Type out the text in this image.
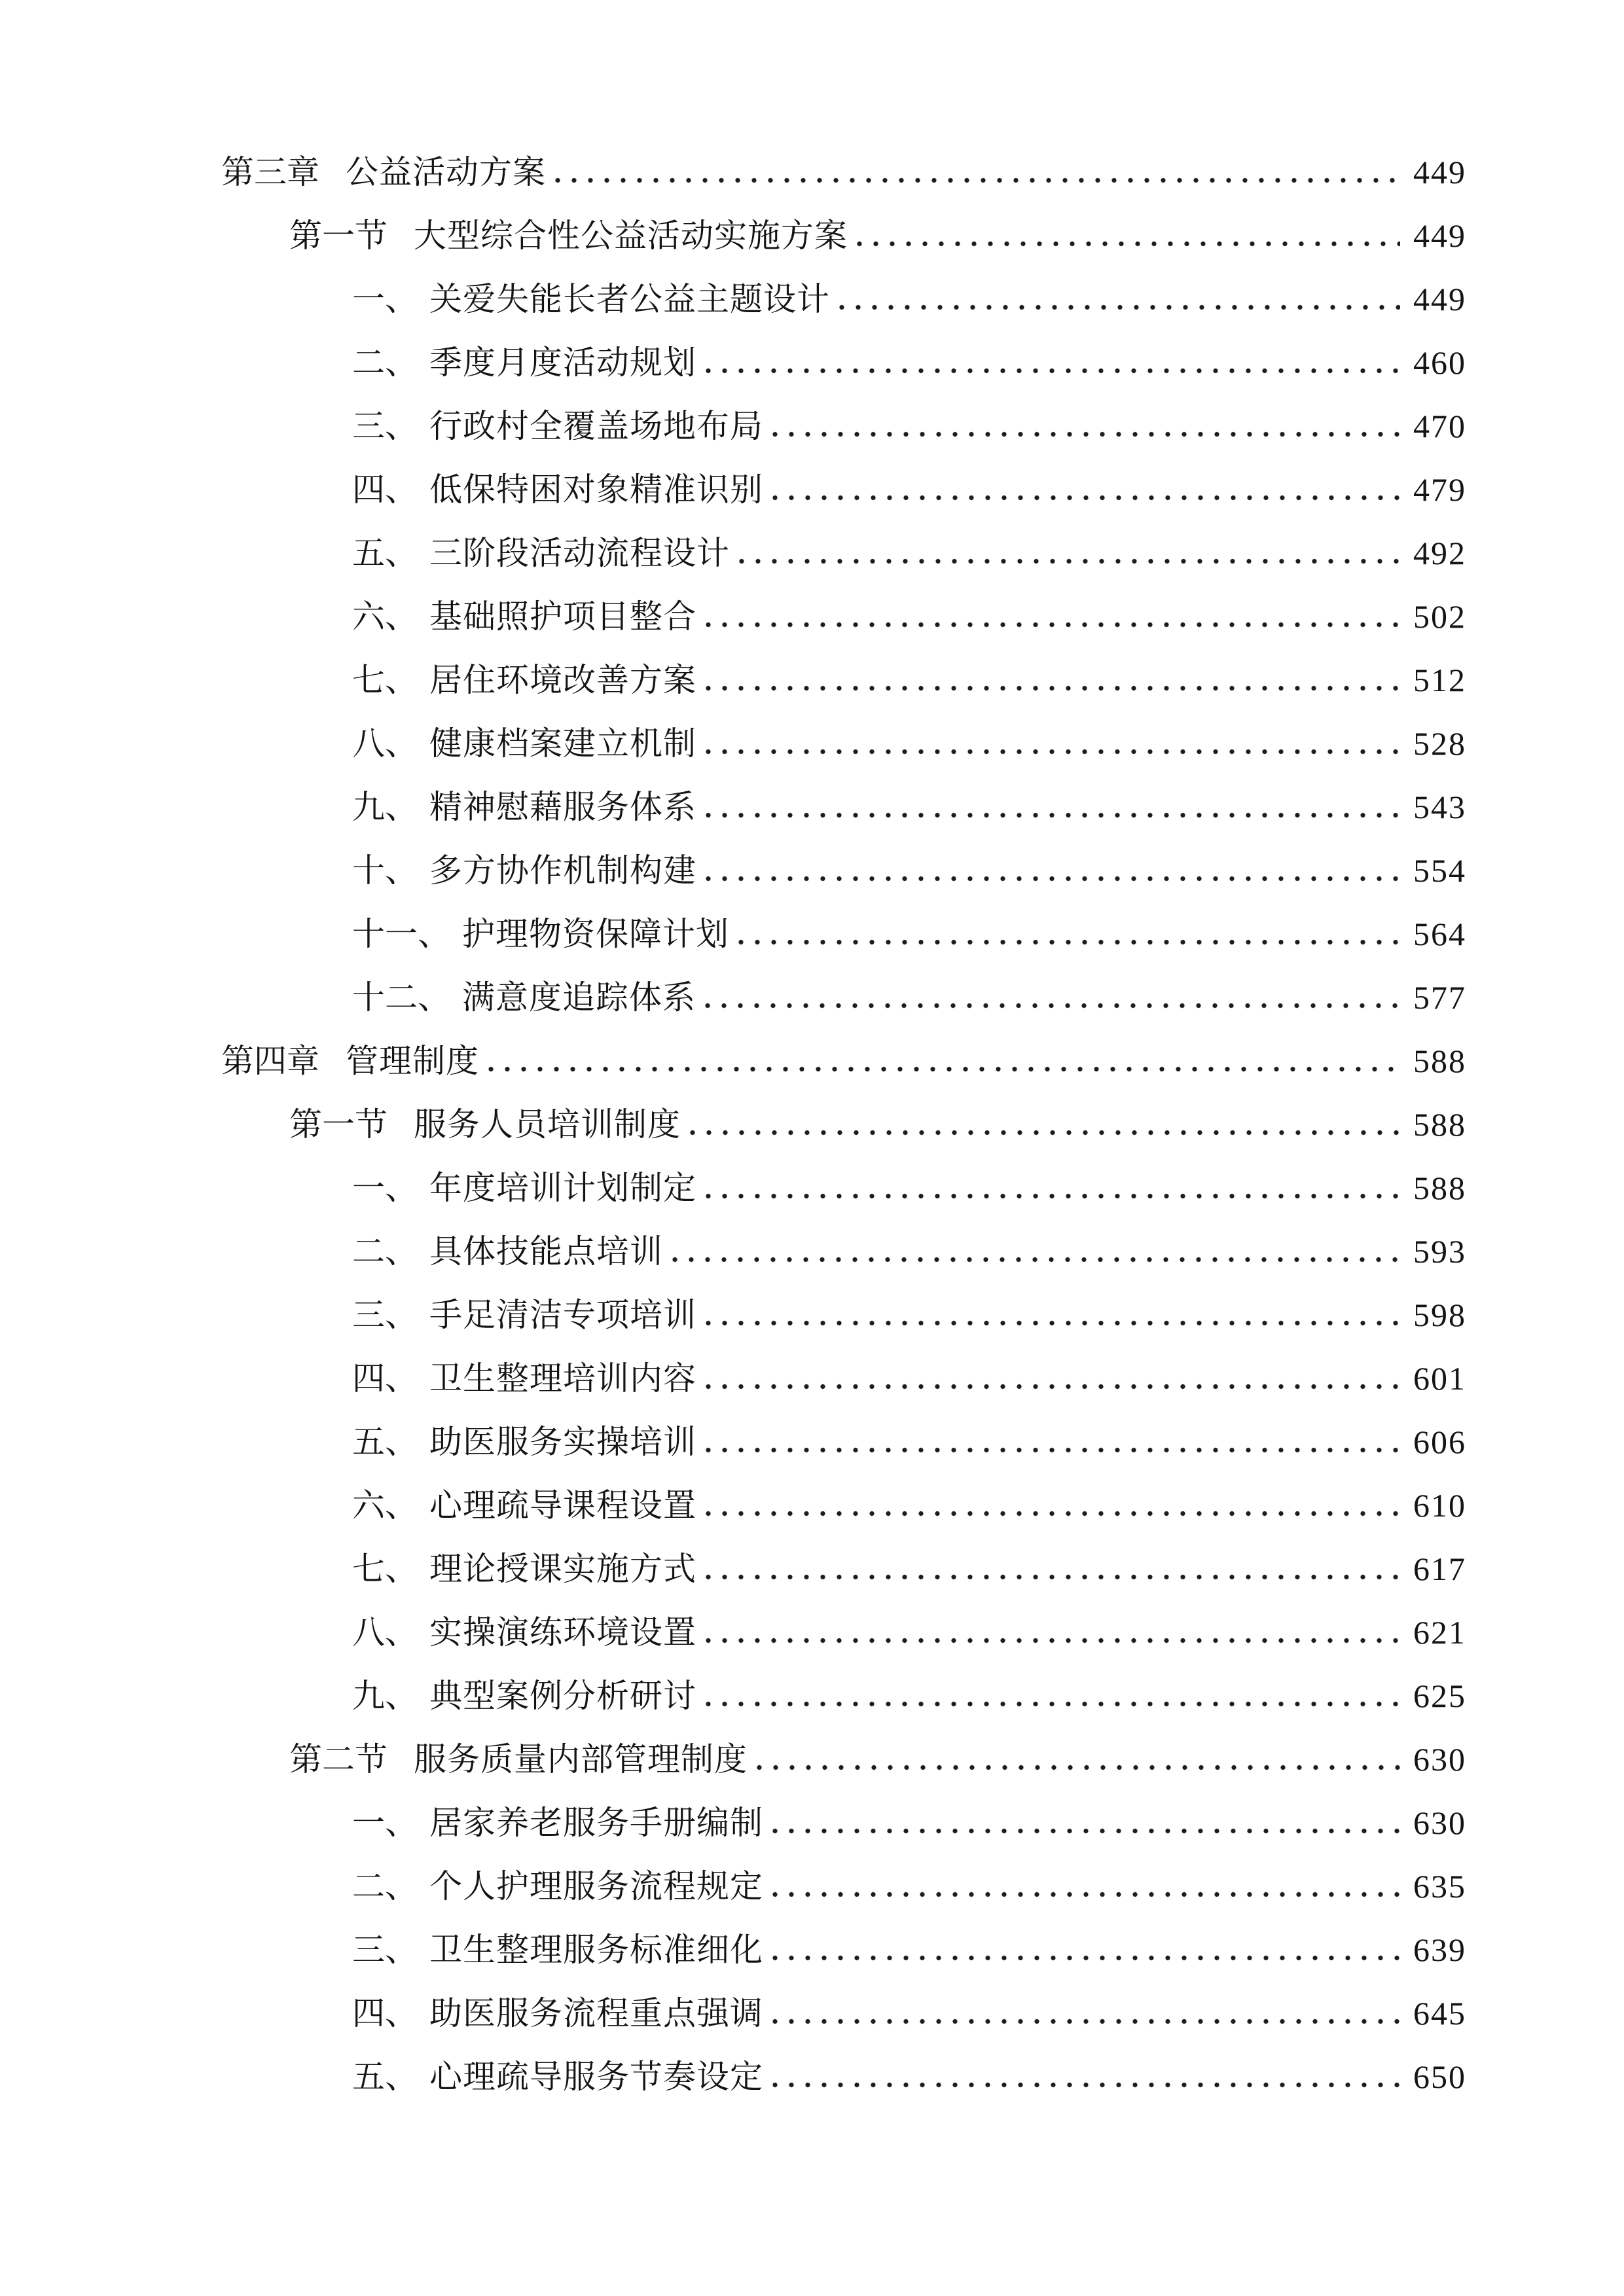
第三章 公益活动方案	449
第一节 大型综合性公益活动实施方案	449
一、 关爱失能长者公益主题设计	449
二、 季度月度活动规划	460
三、 行政村全覆盖场地布局	470
四、 低保特困对象精准识别	479
五、 三阶段活动流程设计	492
六、 基础照护项目整合	502
七、 居住环境改善方案	512
八、 健康档案建立机制	528
九、 精神慰藉服务体系	543
十、 多方协作机制构建	554
十一、 护理物资保障计划	564
十二、 满意度追踪体系	577
第四章 管理制度	588
第一节 服务人员培训制度	588
一、 年度培训计划制定	588
二、 具体技能点培训	593
三、 手足清洁专项培训	598
四、 卫生整理培训内容	601
五、 助医服务实操培训	606
六、 心理疏导课程设置	610
七、 理论授课实施方式	617
八、 实操演练环境设置	621
九、 典型案例分析研讨	625
第二节 服务质量内部管理制度	630
一、 居家养老服务手册编制	630
二、 个人护理服务流程规定	635
三、 卫生整理服务标准细化	639
四、 助医服务流程重点强调	645
五、 心理疏导服务节奏设定	650
